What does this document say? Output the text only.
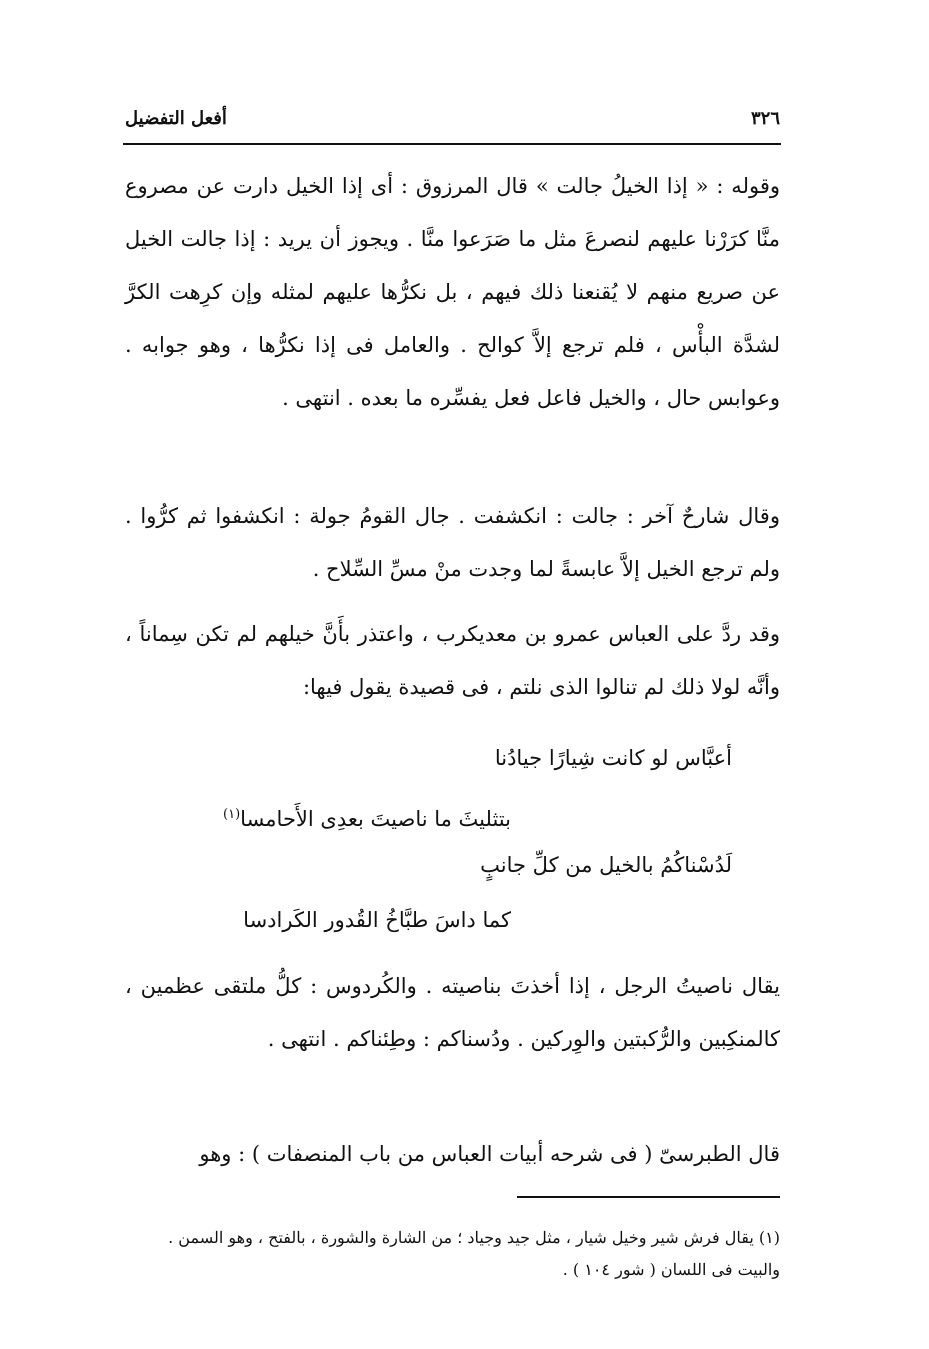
٣٢٦
أفعل التفضيل

وقوله : « إذا الخيلُ جالت » قال المرزوق : أى إذا الخيل دارت عن مصروع منَّا كرَرْنا عليهم لنصرعَ مثل ما صَرَعوا منَّا . ويجوز أن يريد : إذا جالت الخيل عن صريع منهم لا يُقنعنا ذلك فيهم ، بل نكرُّها عليهم لمثله وإن كرِهت الكرَّ لشدَّة البأْس ، فلم ترجع إلاَّ كوالح . والعامل فى إذا نكرُّها ، وهو جوابه . وعوابس حال ، والخيل فاعل فعل يفسِّره ما بعده . انتهى .

وقال شارحٌ آخر : جالت : انكشفت . جال القومُ جولة : انكشفوا ثم كرُّوا . ولم ترجع الخيل إلاَّ عابسةً لما وجدت منْ مسِّ السِّلاح .

وقد ردَّ على العباس عمرو بن معديكرب ، واعتذر بأَنَّ خيلهم لم تكن سِماناً ، وأنَّه لولا ذلك لم تنالوا الذى نلتم ، فى قصيدة يقول فيها:

أعبَّاس لو كانت شِيارًا جيادُنا
بتثليثَ ما ناصيتَ بعدِى الأَحامسا$^{(١)}$
لَدُسْناكُمُ بالخيل من كلِّ جانبٍ
كما داسَ طبَّاخُ القُدور الكَرادسا

يقال ناصيتُ الرجل ، إذا أخذتَ بناصيته . والكُردوس : كلُّ ملتقى عظمين ، كالمنكِبين والرُّكبتين والوِركين . ودُسناكم : وطِئناكم . انتهى .

قال الطبرسىّ ( فى شرحه أبيات العباس من باب المنصفات ) : وهو

(١) يقال فرش شير وخيل شيار ، مثل جيد وجياد ؛ من الشارة والشورة ، بالفتح ، وهو السمن . والبيت فى اللسان ( شور ١٠٤ ) .
